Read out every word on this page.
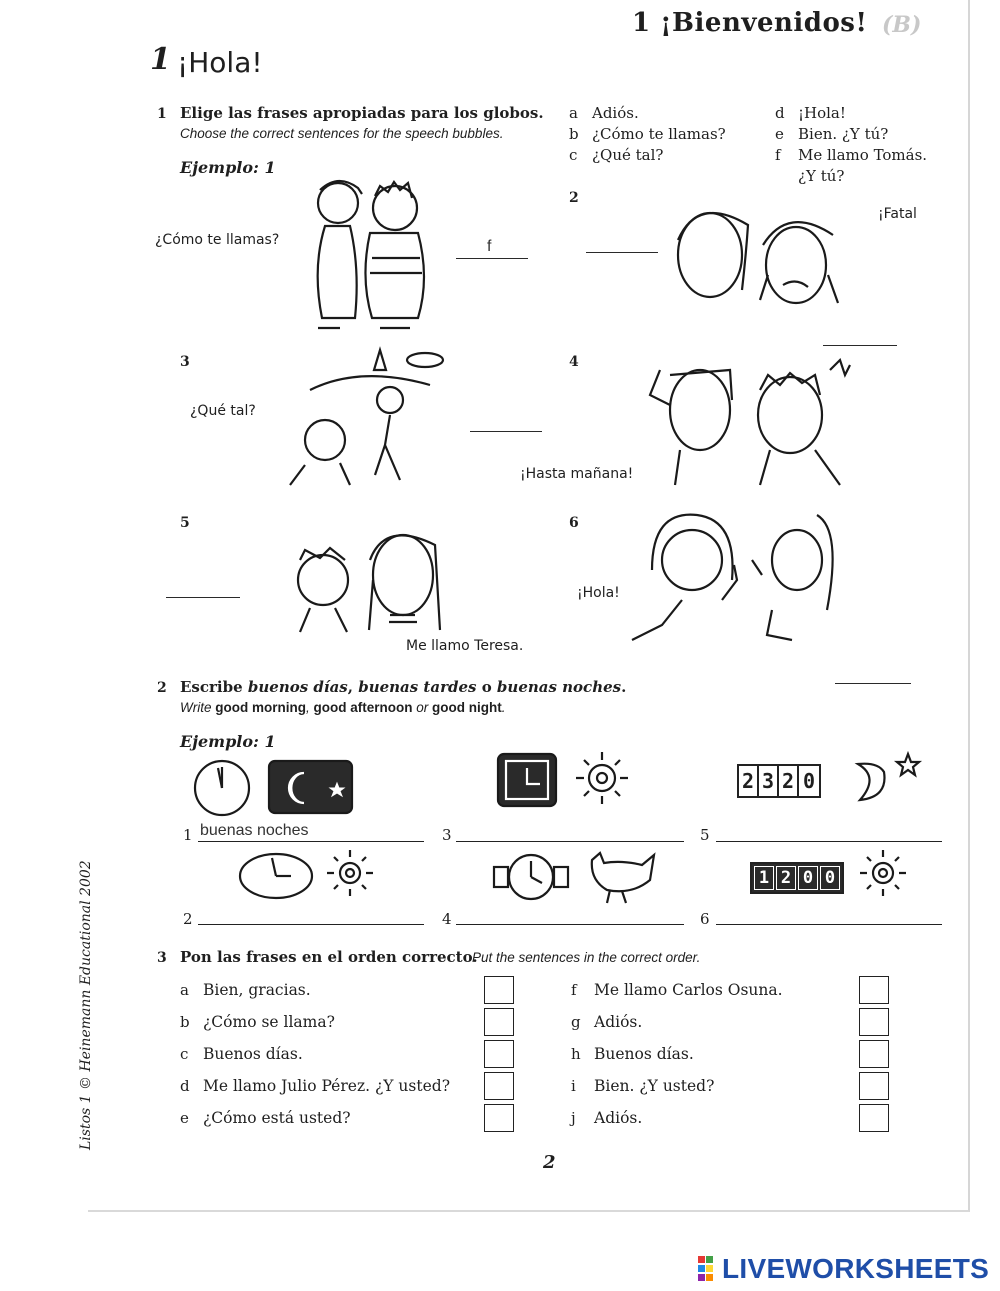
1 ¡Bienvenidos! (B)
1 ¡Hola!
1 Elige las frases apropiadas para los globos.
Choose the correct sentences for the speech bubbles.
Ejemplo: 1
a Adiós.
b ¿Cómo te llamas?
c ¿Qué tal?
d ¡Hola!
e Bien. ¿Y tú?
f Me llamo Tomás.
¿Y tú?
¿Cómo te llamas?	f
2
¡Fatal
3
¿Qué tal?
4
¡Hasta mañana!
5
Me llamo Teresa.
6
¡Hola!
2 Escribe buenos días, buenas tardes o buenas noches.
Write good morning, good afternoon or good night.
Ejemplo: 1
2 3 2 0
1 buenas noches	3	5
1 2 0 0
2	4	6
3 Pon las frases en el orden correcto.
Put the sentences in the correct order.
a Bien, gracias.
b ¿Cómo se llama?
c Buenos días.
d Me llamo Julio Pérez. ¿Y usted?
e ¿Cómo está usted?
f Me llamo Carlos Osuna.
g Adiós.
h Buenos días.
i Bien. ¿Y usted?
j Adiós.
Listos 1 © Heinemann Educational 2002
2
LIVEWORKSHEETS
